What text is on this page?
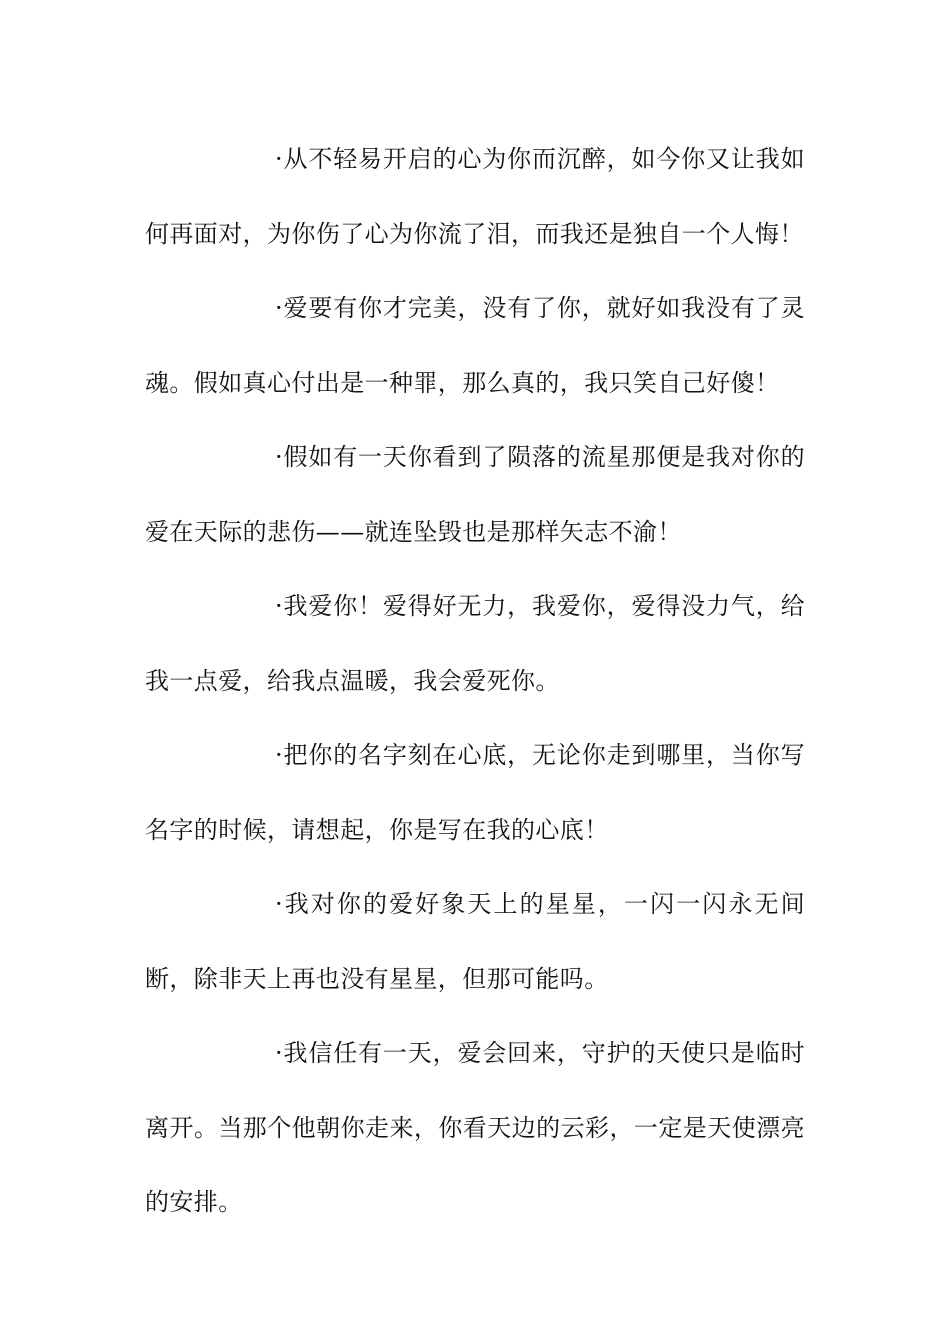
·从不轻易开启的心为你而沉醉，如今你又让我如何再面对，为你伤了心为你流了泪，而我还是独自一个人悔！

·爱要有你才完美，没有了你，就好如我没有了灵魂。假如真心付出是一种罪，那么真的，我只笑自己好傻！

·假如有一天你看到了陨落的流星那便是我对你的爱在天际的悲伤——就连坠毁也是那样矢志不渝！

·我爱你！爱得好无力，我爱你，爱得没力气，给我一点爱，给我点温暖，我会爱死你。

·把你的名字刻在心底，无论你走到哪里，当你写名字的时候，请想起，你是写在我的心底！

·我对你的爱好象天上的星星，一闪一闪永无间断，除非天上再也没有星星，但那可能吗。

·我信任有一天，爱会回来，守护的天使只是临时离开。当那个他朝你走来，你看天边的云彩，一定是天使漂亮的安排。
